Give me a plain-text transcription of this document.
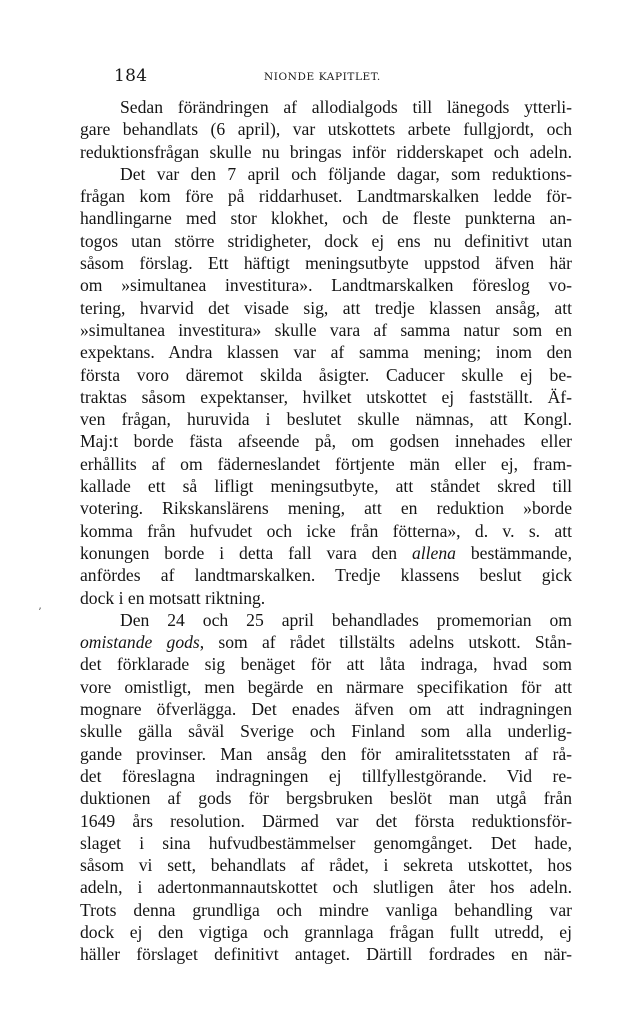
184	NIONDE KAPITLET.
ʼ
Sedan förändringen af allodialgods till länegods ytterli-
gare behandlats (6 april), var utskottets arbete fullgjordt, och
reduktionsfrågan skulle nu bringas inför ridderskapet och adeln.
Det var den 7 april och följande dagar, som reduktions-
frågan kom före på riddarhuset. Landtmarskalken ledde för-
handlingarne med stor klokhet, och de fleste punkterna an-
togos utan större stridigheter, dock ej ens nu definitivt utan
såsom förslag. Ett häftigt meningsutbyte uppstod äfven här
om »simultanea investitura». Landtmarskalken föreslog vo-
tering, hvarvid det visade sig, att tredje klassen ansåg, att
»simultanea investitura» skulle vara af samma natur som en
expektans. Andra klassen var af samma mening; inom den
första voro däremot skilda åsigter. Caducer skulle ej be-
traktas såsom expektanser, hvilket utskottet ej fastställt. Äf-
ven frågan, huruvida i beslutet skulle nämnas, att Kongl.
Maj:t borde fästa afseende på, om godsen innehades eller
erhållits af om fäderneslandet förtjente män eller ej, fram-
kallade ett så lifligt meningsutbyte, att ståndet skred till
votering. Rikskanslärens mening, att en reduktion »borde
komma från hufvudet och icke från fötterna», d. v. s. att
konungen borde i detta fall vara den allena bestämmande,
anfördes af landtmarskalken. Tredje klassens beslut gick
dock i en motsatt riktning.
Den 24 och 25 april behandlades promemorian om
omistande gods, som af rådet tillstälts adelns utskott. Stån-
det förklarade sig benäget för att låta indraga, hvad som
vore omistligt, men begärde en närmare specifikation för att
mognare öfverlägga. Det enades äfven om att indragningen
skulle gälla såväl Sverige och Finland som alla underlig-
gande provinser. Man ansåg den för amiralitetsstaten af rå-
det föreslagna indragningen ej tillfyllestgörande. Vid re-
duktionen af gods för bergsbruken beslöt man utgå från
1649 års resolution. Därmed var det första reduktionsför-
slaget i sina hufvudbestämmelser genomgånget. Det hade,
såsom vi sett, behandlats af rådet, i sekreta utskottet, hos
adeln, i adertonmannautskottet och slutligen åter hos adeln.
Trots denna grundliga och mindre vanliga behandling var
dock ej den vigtiga och grannlaga frågan fullt utredd, ej
häller förslaget definitivt antaget. Därtill fordrades en när-
